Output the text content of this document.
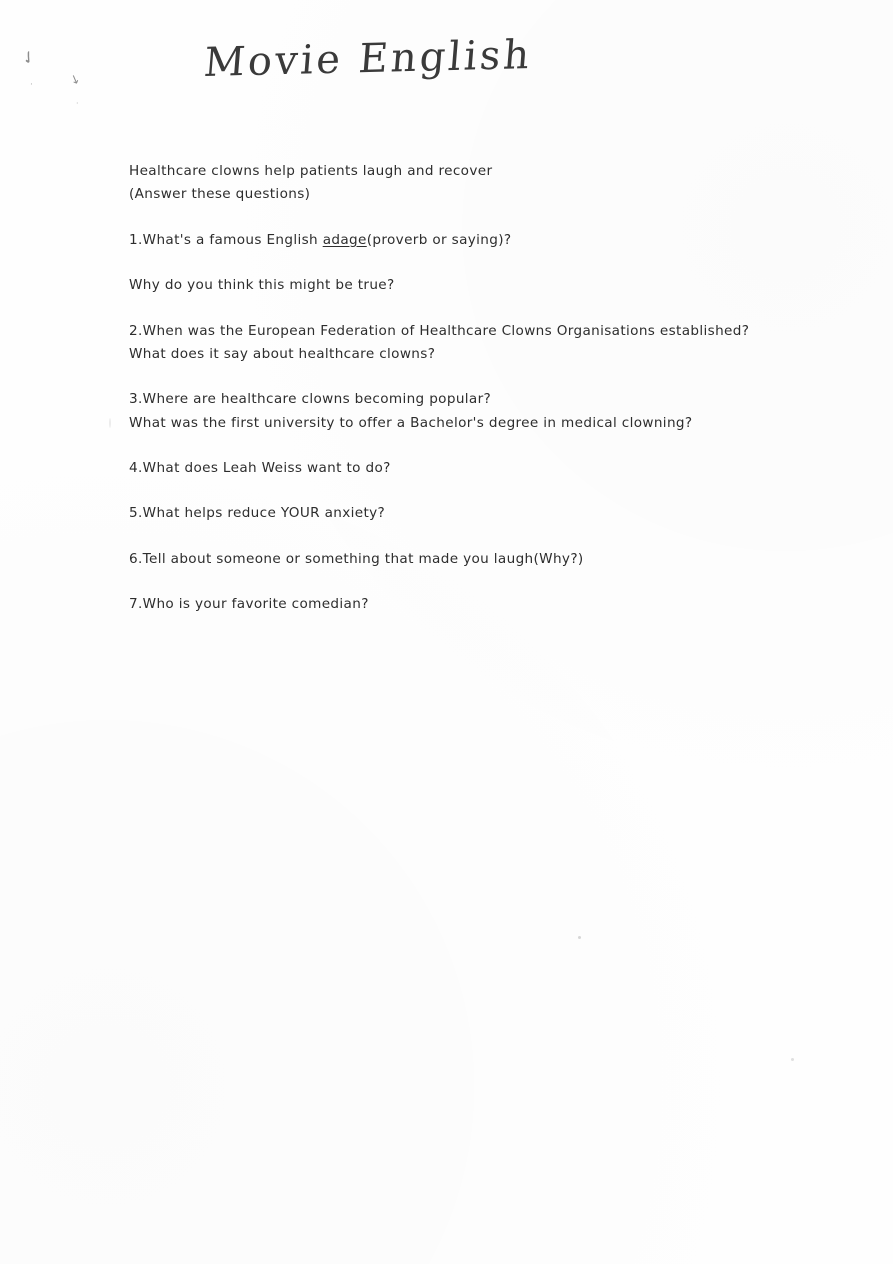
Movie English
✓
↘
·
·

Healthcare clowns help patients laugh and recover

(Answer these questions)

1.What's a famous English adage(proverb or saying)?

Why do you think this might be true?

2.When was the European Federation of Healthcare Clowns Organisations established?

What does it say about healthcare clowns?

3.Where are healthcare clowns becoming popular?

What was the first university to offer a Bachelor's degree in medical clowning?

4.What does Leah Weiss want to do?

5.What helps reduce YOUR anxiety?

6.Tell about someone or something that made you laugh(Why?)

7.Who is your favorite comedian?
